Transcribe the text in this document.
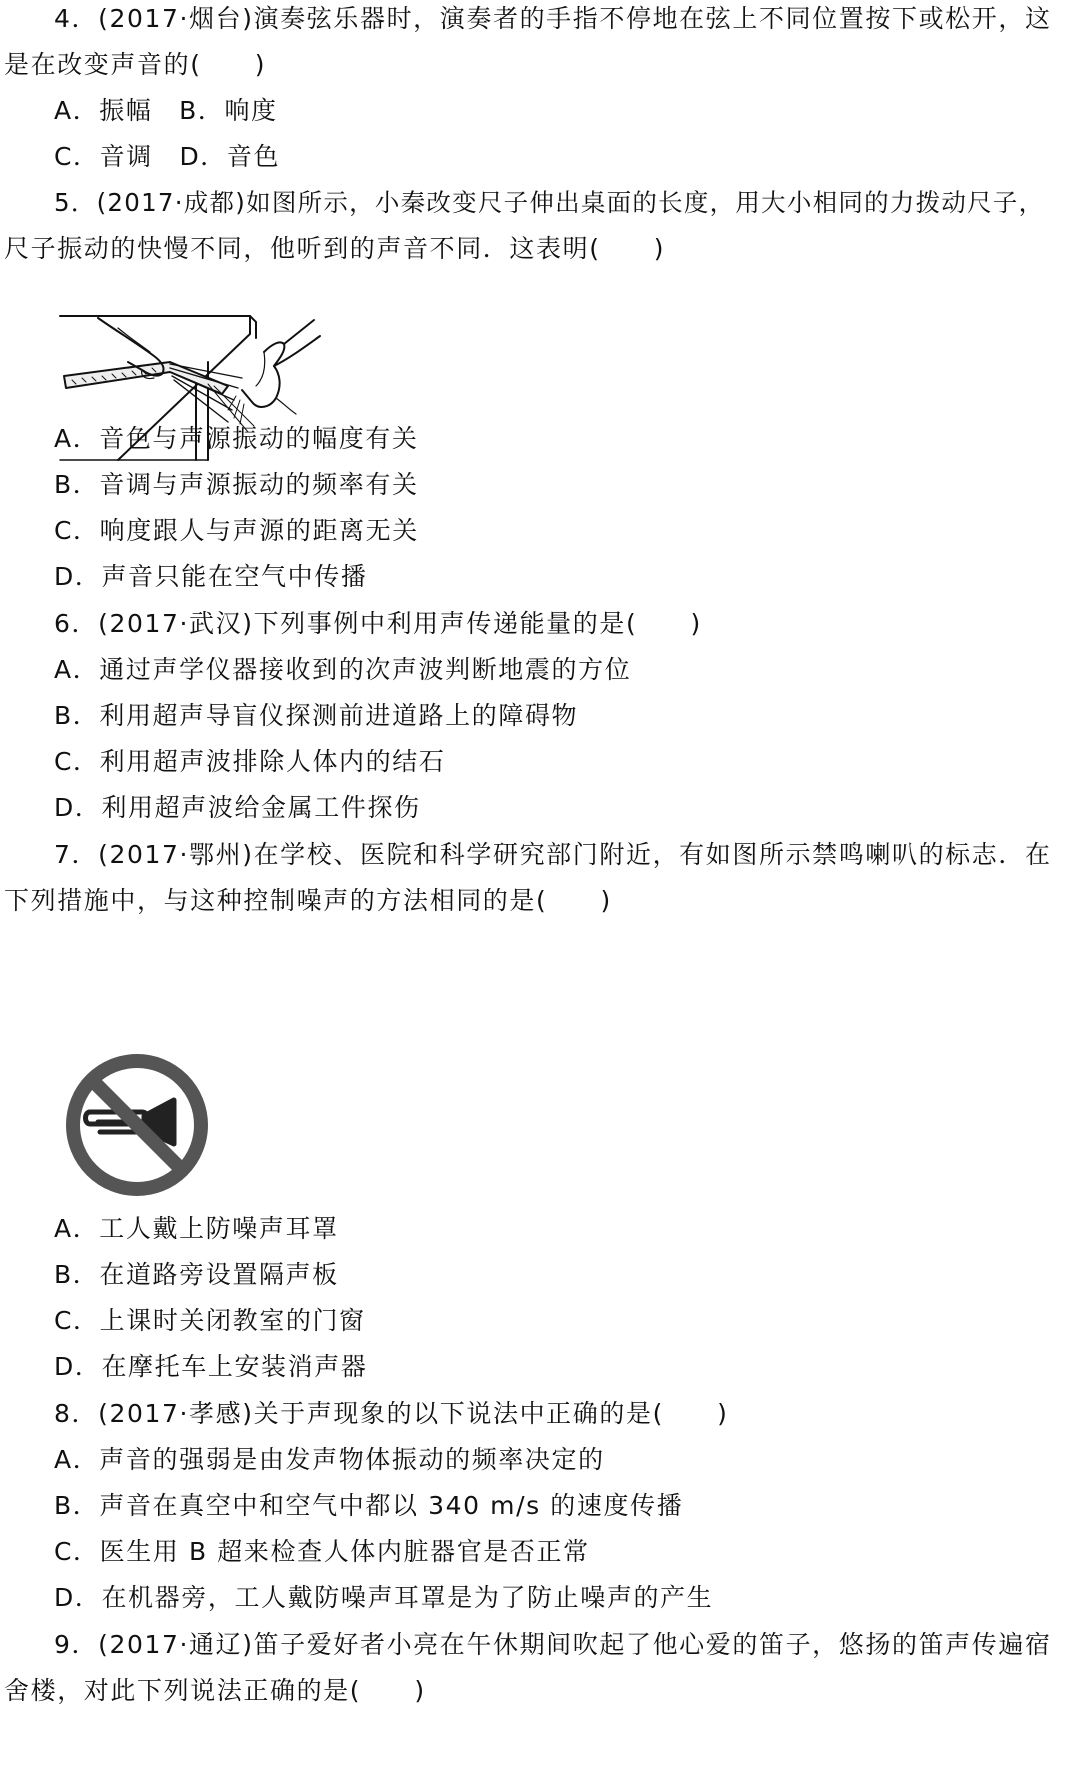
4．(2017·烟台)演奏弦乐器时，演奏者的手指不停地在弦上不同位置按下或松开，这
是在改变声音的(　　)
A．振幅　B．响度
C．音调　D．音色
5．(2017·成都)如图所示，小秦改变尺子伸出桌面的长度，用大小相同的力拨动尺子，
尺子振动的快慢不同，他听到的声音不同．这表明(　　)
A．音色与声源振动的幅度有关
B．音调与声源振动的频率有关
C．响度跟人与声源的距离无关
D．声音只能在空气中传播
6．(2017·武汉)下列事例中利用声传递能量的是(　　)
A．通过声学仪器接收到的次声波判断地震的方位
B．利用超声导盲仪探测前进道路上的障碍物
C．利用超声波排除人体内的结石
D．利用超声波给金属工件探伤
7．(2017·鄂州)在学校、医院和科学研究部门附近，有如图所示禁鸣喇叭的标志．在
下列措施中，与这种控制噪声的方法相同的是(　　)
A．工人戴上防噪声耳罩
B．在道路旁设置隔声板
C．上课时关闭教室的门窗
D．在摩托车上安装消声器
8．(2017·孝感)关于声现象的以下说法中正确的是(　　)
A．声音的强弱是由发声物体振动的频率决定的
B．声音在真空中和空气中都以 340 m/s 的速度传播
C．医生用 B 超来检查人体内脏器官是否正常
D．在机器旁，工人戴防噪声耳罩是为了防止噪声的产生
9．(2017·通辽)笛子爱好者小亮在午休期间吹起了他心爱的笛子，悠扬的笛声传遍宿
舍楼，对此下列说法正确的是(　　)
